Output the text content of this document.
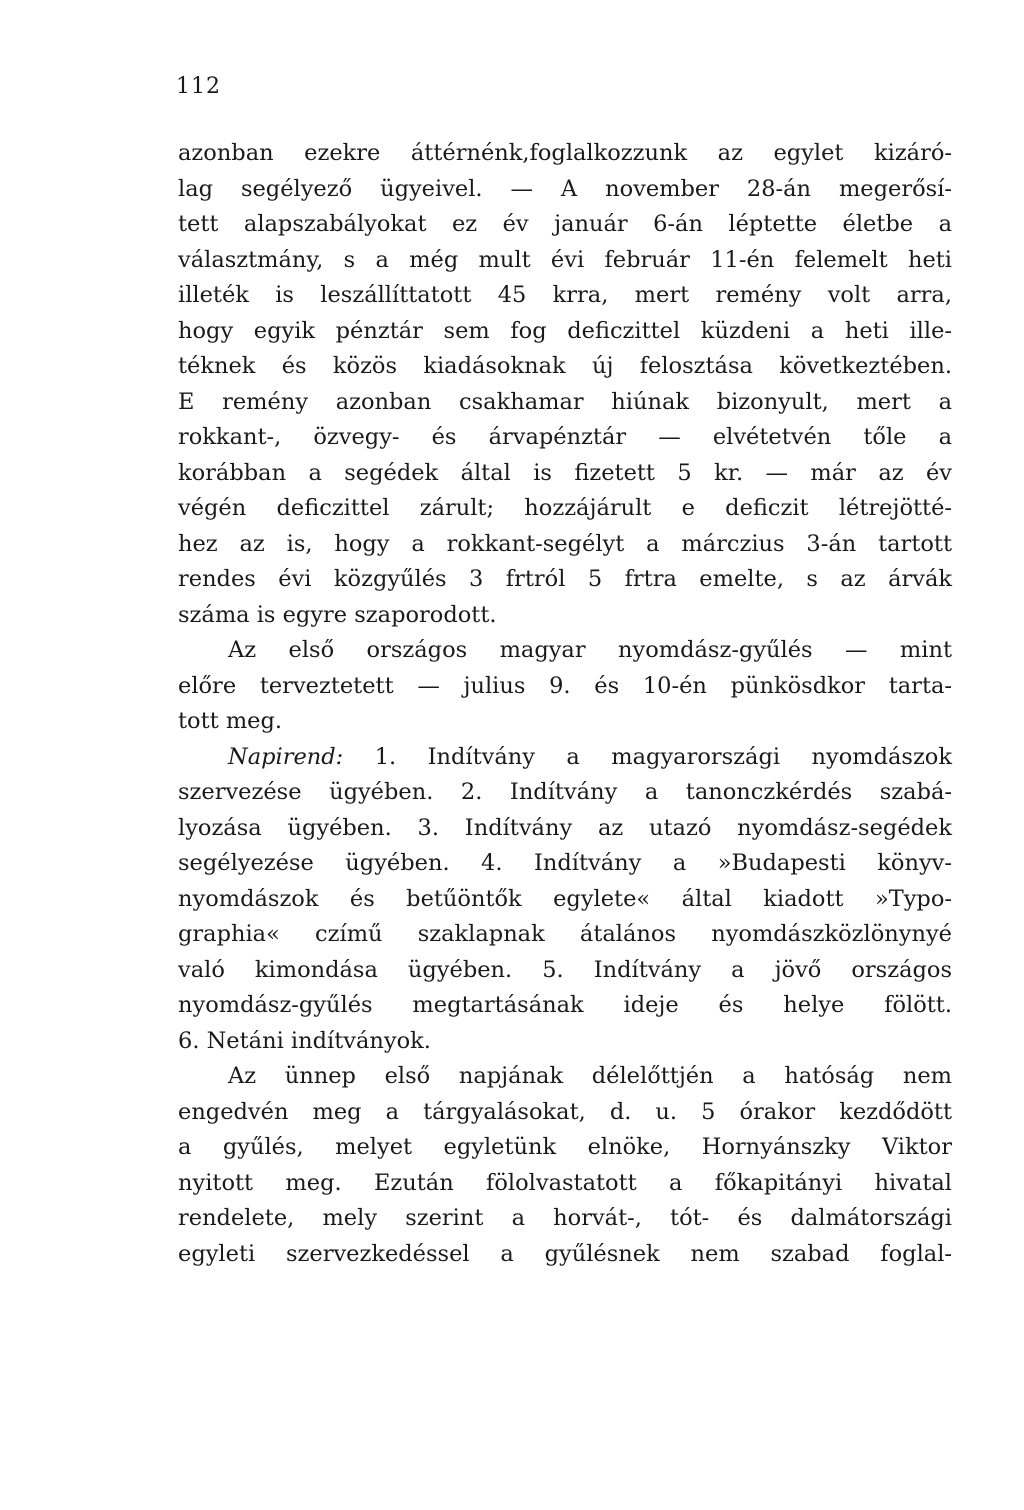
112
azonban ezekre áttérnénk,foglalkozzunk az egylet kizáró-
lag segélyező ügyeivel. — A november 28-án megerősí-
tett alapszabályokat ez év január 6-án léptette életbe a
választmány, s a még mult évi február 11-én felemelt heti
illeték is leszállíttatott 45 krra, mert remény volt arra,
hogy egyik pénztár sem fog deficzittel küzdeni a heti ille-
téknek és közös kiadásoknak új felosztása következtében.
E remény azonban csakhamar hiúnak bizonyult, mert a
rokkant-, özvegy- és árvapénztár — elvétetvén tőle a
korábban a segédek által is fizetett 5 kr. — már az év
végén deficzittel zárult; hozzájárult e deficzit létrejötté-
hez az is, hogy a rokkant-segélyt a márczius 3-án tartott
rendes évi közgyűlés 3 frtról 5 frtra emelte, s az árvák
száma is egyre szaporodott.
Az első országos magyar nyomdász-gyűlés — mint
előre terveztetett — julius 9. és 10-én pünkösdkor tarta-
tott meg.
Napirend: 1. Indítvány a magyarországi nyomdászok
szervezése ügyében. 2. Indítvány a tanonczkérdés szabá-
lyozása ügyében. 3. Indítvány az utazó nyomdász-segédek
segélyezése ügyében. 4. Indítvány a »Budapesti könyv-
nyomdászok és betűöntők egylete« által kiadott »Typo-
graphia« czímű szaklapnak átalános nyomdászközlönynyé
való kimondása ügyében. 5. Indítvány a jövő országos
nyomdász-gyűlés megtartásának ideje és helye fölött.
6. Netáni indítványok.
Az ünnep első napjának délelőttjén a hatóság nem
engedvén meg a tárgyalásokat, d. u. 5 órakor kezdődött
a gyűlés, melyet egyletünk elnöke, Hornyánszky Viktor
nyitott meg. Ezután fölolvastatott a főkapitányi hivatal
rendelete, mely szerint a horvát-, tót- és dalmátországi
egyleti szervezkedéssel a gyűlésnek nem szabad foglal-
